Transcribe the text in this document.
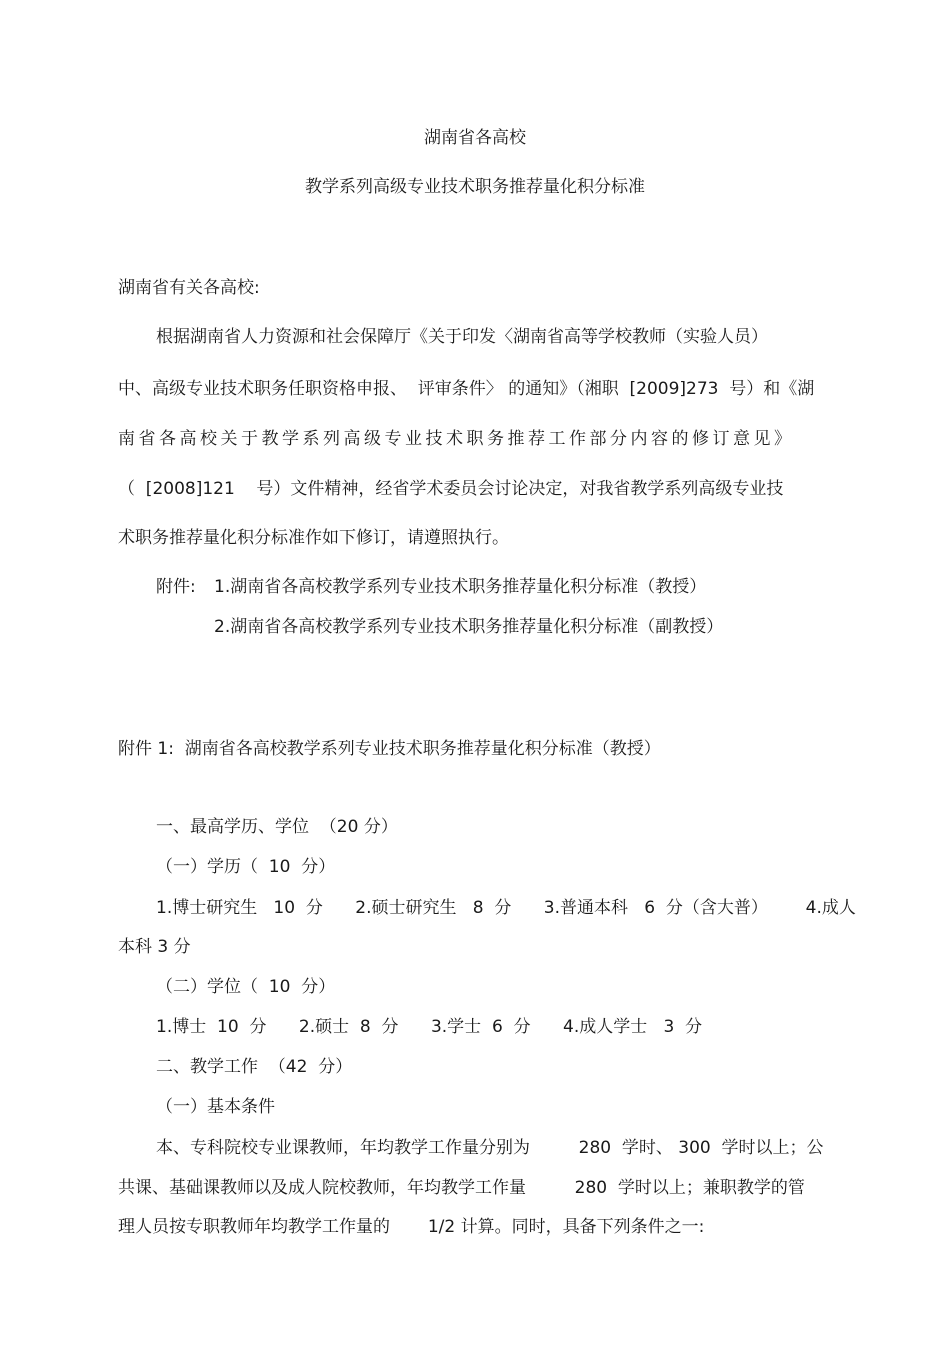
湖南省各高校
教学系列高级专业技术职务推荐量化积分标准
湖南省有关各高校:
根据湖南省人力资源和社会保障厅《关于印发〈湖南省高等学校教师（实验人员）
中、高级专业技术职务任职资格申报、  评审条件〉 的通知》（湘职  [2009]273  号）和《湖
南省各高校关于教学系列高级专业技术职务推荐工作部分内容的修订意见》
（  [2008]121    号）文件精神，经省学术委员会讨论决定，对我省教学系列高级专业技
术职务推荐量化积分标准作如下修订，请遵照执行。
附件: 1.湖南省各高校教学系列专业技术职务推荐量化积分标准（教授）
2.湖南省各高校教学系列专业技术职务推荐量化积分标准（副教授）
附件 1:  湖南省各高校教学系列专业技术职务推荐量化积分标准（教授）
一、最高学历、学位  （20 分）
（一）学历（  10  分）
1.博士研究生   10  分      2.硕士研究生   8  分      3.普通本科   6  分（含大普）       4.成人
本科 3 分
（二）学位（  10  分）
1.博士  10  分      2.硕士  8  分      3.学士  6  分      4.成人学士   3  分
二、教学工作  （42  分）
（一）基本条件
本、专科院校专业课教师，年均教学工作量分别为         280  学时、 300  学时以上；公
共课、基础课教师以及成人院校教师，年均教学工作量         280  学时以上；兼职教学的管
理人员按专职教师年均教学工作量的       1/2 计算。同时，具备下列条件之一:
